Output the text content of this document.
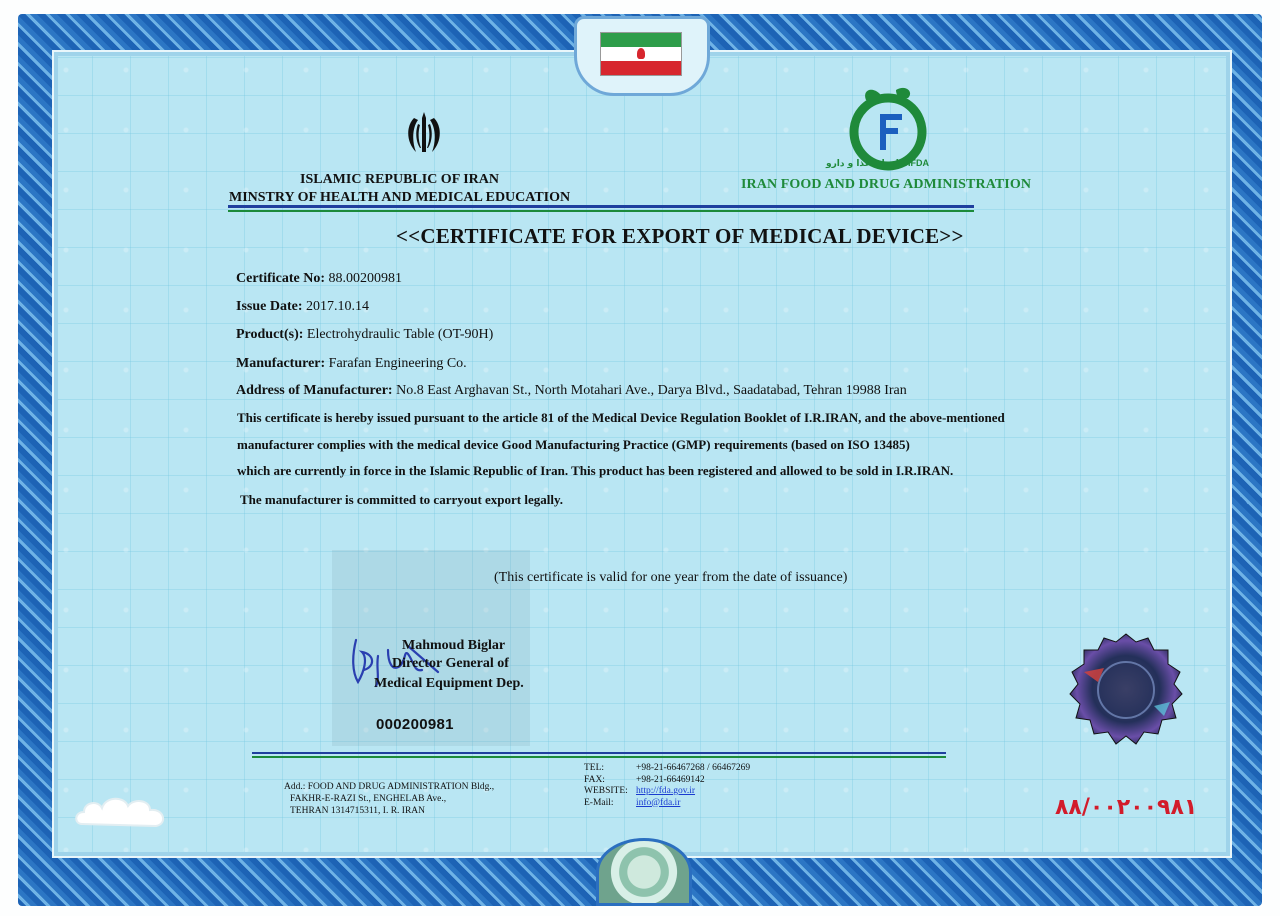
ISLAMIC REPUBLIC OF IRAN
MINSTRY OF HEALTH AND MEDICAL EDUCATION
IFDA
سازمان غذا و دارو
IRAN FOOD AND DRUG ADMINISTRATION
<<CERTIFICATE FOR EXPORT OF MEDICAL DEVICE>>
Certificate No: 88.00200981
Issue Date: 2017.10.14
Product(s): Electrohydraulic Table (OT-90H)
Manufacturer: Farafan Engineering Co.
Address of Manufacturer: No.8 East Arghavan St., North Motahari Ave., Darya Blvd., Saadatabad, Tehran 19988 Iran
This certificate is hereby issued pursuant to the article 81 of the Medical Device Regulation Booklet of I.R.IRAN, and the above-mentioned
manufacturer complies with the medical device Good Manufacturing Practice (GMP) requirements (based on ISO 13485)
which are currently in force in the Islamic Republic of Iran. This product has been registered and allowed to be sold in I.R.IRAN.
The manufacturer is committed to carryout export legally.
(This certificate is valid for one year from the date of issuance)
Mahmoud Biglar
Director General of
Medical Equipment Dep.
000200981
Add.: FOOD AND DRUG ADMINISTRATION Bldg.,
FAKHR-E-RAZI St., ENGHELAB Ave.,
TEHRAN 1314715311, I. R. IRAN
TEL:	+98-21-66467268 / 66467269
FAX:	+98-21-66469142
WEBSITE: http://fda.gov.ir
E-Mail: info@fda.ir	۸۸/۰۰۲۰۰۹۸۱
